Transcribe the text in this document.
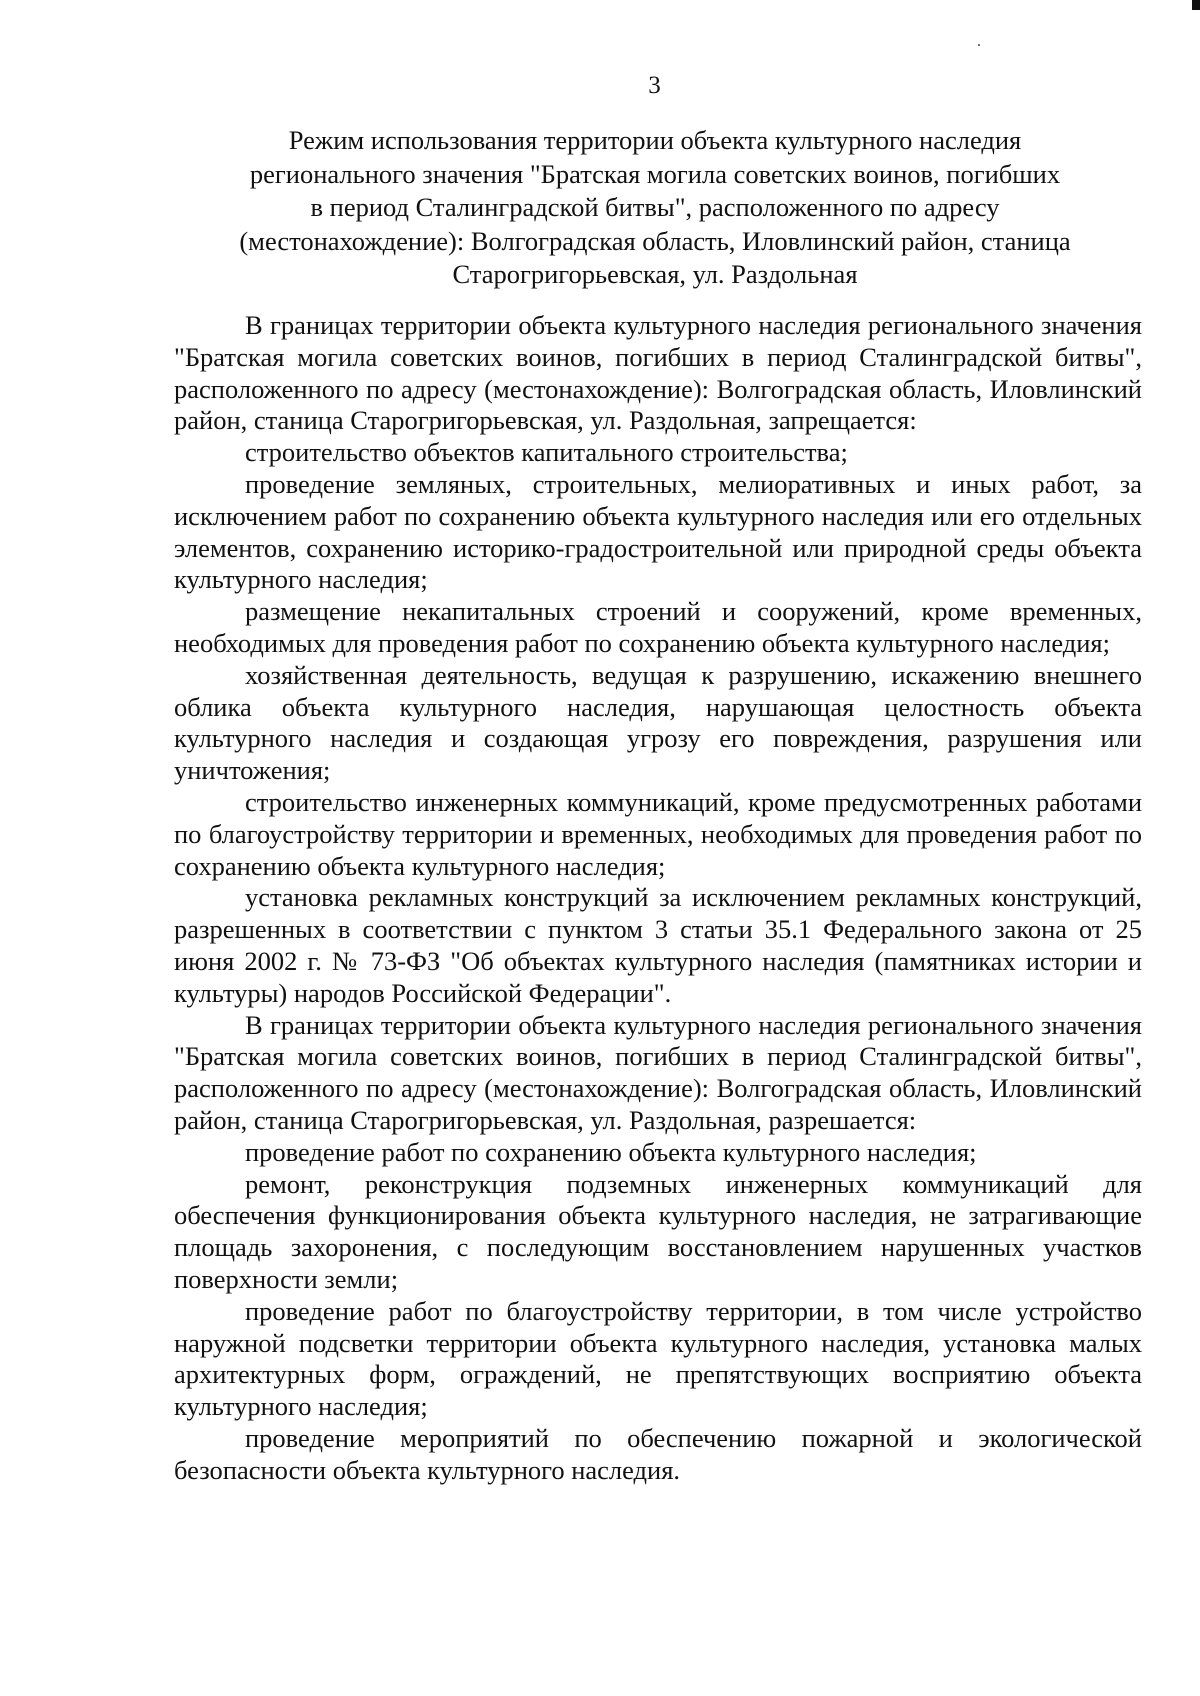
3
Режим использования территории объекта культурного наследия
регионального значения "Братская могила советских воинов, погибших
в период Сталинградской битвы", расположенного по адресу
(местонахождение): Волгоградская область, Иловлинский район, станица
Старогригорьевская, ул. Раздольная

В границах территории объекта культурного наследия регионального значения "Братская могила советских воинов, погибших в период Сталинградской битвы", расположенного по адресу (местонахождение): Волгоградская область, Иловлинский район, станица Старогригорьевская, ул. Раздольная, запрещается:

строительство объектов капитального строительства;

проведение земляных, строительных, мелиоративных и иных работ, за исключением работ по сохранению объекта культурного наследия или его отдельных элементов, сохранению историко-градостроительной или природной среды объекта культурного наследия;

размещение некапитальных строений и сооружений, кроме временных, необходимых для проведения работ по сохранению объекта культурного наследия;

хозяйственная деятельность, ведущая к разрушению, искажению внешнего облика объекта культурного наследия, нарушающая целостность объекта культурного наследия и создающая угрозу его повреждения, разрушения или уничтожения;

строительство инженерных коммуникаций, кроме предусмотренных работами по благоустройству территории и временных, необходимых для проведения работ по сохранению объекта культурного наследия;

установка рекламных конструкций за исключением рекламных конструкций, разрешенных в соответствии с пунктом 3 статьи 35.1 Федерального закона от 25 июня 2002 г. № 73-ФЗ "Об объектах культурного наследия (памятниках истории и культуры) народов Российской Федерации".

В границах территории объекта культурного наследия регионального значения "Братская могила советских воинов, погибших в период Сталинградской битвы", расположенного по адресу (местонахождение): Волгоградская область, Иловлинский район, станица Старогригорьевская, ул. Раздольная, разрешается:

проведение работ по сохранению объекта культурного наследия;

ремонт, реконструкция подземных инженерных коммуникаций для обеспечения функционирования объекта культурного наследия, не затрагивающие площадь захоронения, с последующим восстановлением нарушенных участков поверхности земли;

проведение работ по благоустройству территории, в том числе устройство наружной подсветки территории объекта культурного наследия, установка малых архитектурных форм, ограждений, не препятствующих восприятию объекта культурного наследия;

проведение мероприятий по обеспечению пожарной и экологической безопасности объекта культурного наследия.
